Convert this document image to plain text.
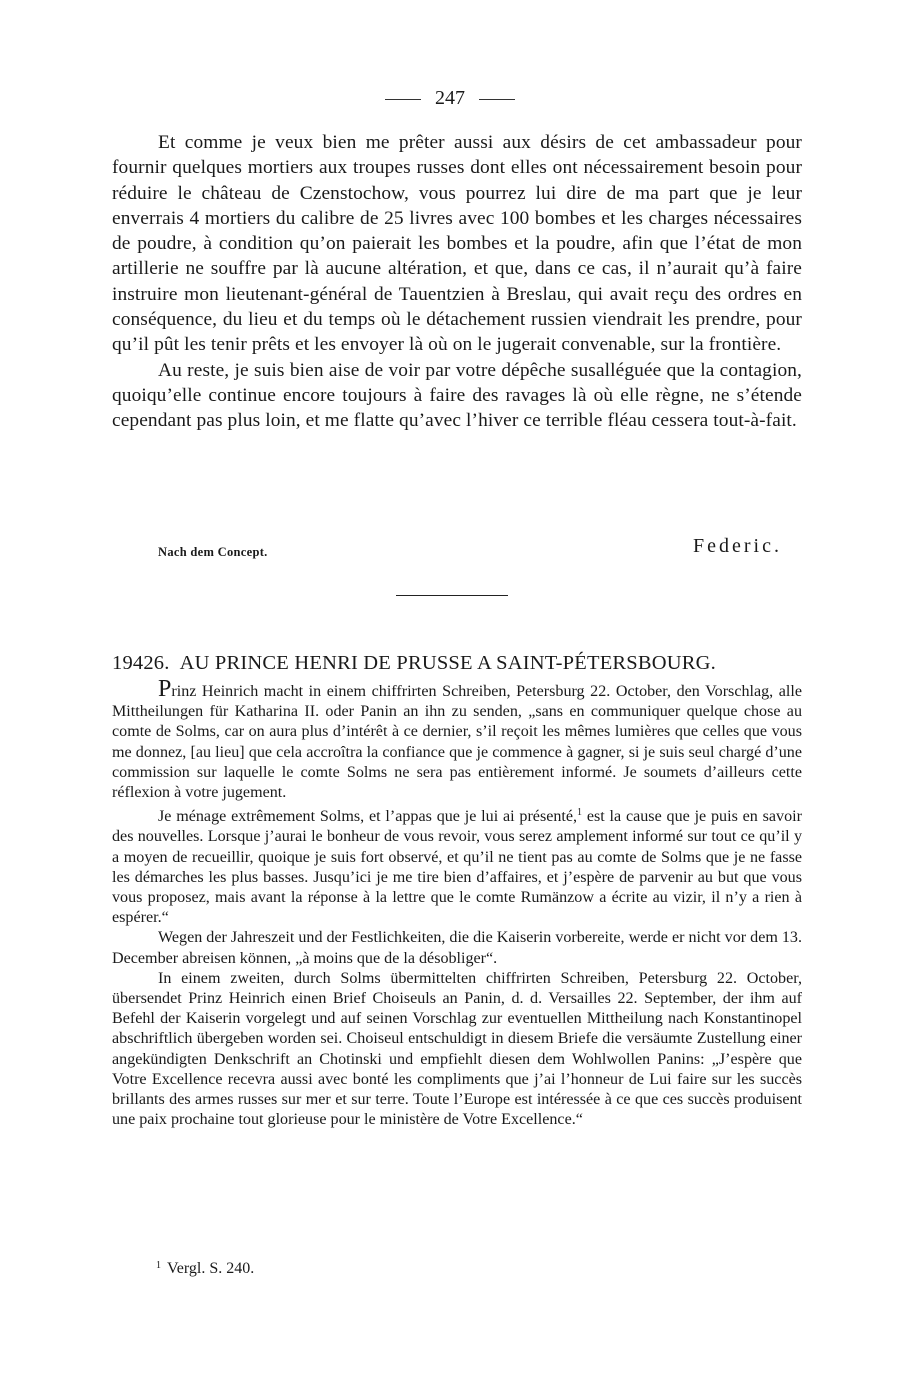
247

Et comme je veux bien me prêter aussi aux désirs de cet ambassadeur pour fournir quelques mortiers aux troupes russes dont elles ont nécessairement besoin pour réduire le château de Czenstochow, vous pourrez lui dire de ma part que je leur enverrais 4 mortiers du calibre de 25 livres avec 100 bombes et les charges nécessaires de poudre, à condition qu’on paierait les bombes et la poudre, afin que l’état de mon artillerie ne souffre par là aucune altération, et que, dans ce cas, il n’aurait qu’à faire instruire mon lieutenant-général de Tauentzien à Breslau, qui avait reçu des ordres en conséquence, du lieu et du temps où le détachement russien viendrait les prendre, pour qu’il pût les tenir prêts et les envoyer là où on le jugerait convenable, sur la frontière.

Au reste, je suis bien aise de voir par votre dépêche susalléguée que la contagion, quoiqu’elle continue encore toujours à faire des ravages là où elle règne, ne s’étende cependant pas plus loin, et me flatte qu’avec l’hiver ce terrible fléau cessera tout-à-fait.

Nach dem Concept.	Federic.
19426. AU PRINCE HENRI DE PRUSSE A SAINT-PÉTERSBOURG.

Prinz Heinrich macht in einem chiffrirten Schreiben, Petersburg 22. October, den Vorschlag, alle Mittheilungen für Katharina II. oder Panin an ihn zu senden, „sans en communiquer quelque chose au comte de Solms, car on aura plus d’intérêt à ce dernier, s’il reçoit les mêmes lumières que celles que vous me donnez, [au lieu] que cela accroîtra la confiance que je commence à gagner, si je suis seul chargé d’une commission sur laquelle le comte Solms ne sera pas entièrement informé. Je soumets d’ailleurs cette réflexion à votre jugement.

Je ménage extrêmement Solms, et l’appas que je lui ai présenté,$^1$ est la cause que je puis en savoir des nouvelles. Lorsque j’aurai le bonheur de vous revoir, vous serez amplement informé sur tout ce qu’il y a moyen de recueillir, quoique je suis fort observé, et qu’il ne tient pas au comte de Solms que je ne fasse les démarches les plus basses. Jusqu’ici je me tire bien d’affaires, et j’espère de parvenir au but que vous vous proposez, mais avant la réponse à la lettre que le comte Rumänzow a écrite au vizir, il n’y a rien à espérer.“

Wegen der Jahreszeit und der Festlichkeiten, die die Kaiserin vorbereite, werde er nicht vor dem 13. December abreisen können, „à moins que de la désobliger“.

In einem zweiten, durch Solms übermittelten chiffrirten Schreiben, Petersburg 22. October, übersendet Prinz Heinrich einen Brief Choiseuls an Panin, d. d. Versailles 22. September, der ihm auf Befehl der Kaiserin vorgelegt und auf seinen Vorschlag zur eventuellen Mittheilung nach Konstantinopel abschriftlich übergeben worden sei. Choiseul entschuldigt in diesem Briefe die versäumte Zustellung einer angekündigten Denkschrift an Chotinski und empfiehlt diesen dem Wohlwollen Panins: „J’espère que Votre Excellence recevra aussi avec bonté les compliments que j’ai l’honneur de Lui faire sur les succès brillants des armes russes sur mer et sur terre. Toute l’Europe est intéressée à ce que ces succès produisent une paix prochaine tout glorieuse pour le ministère de Votre Excellence.“

$^1$ Vergl. S. 240.
